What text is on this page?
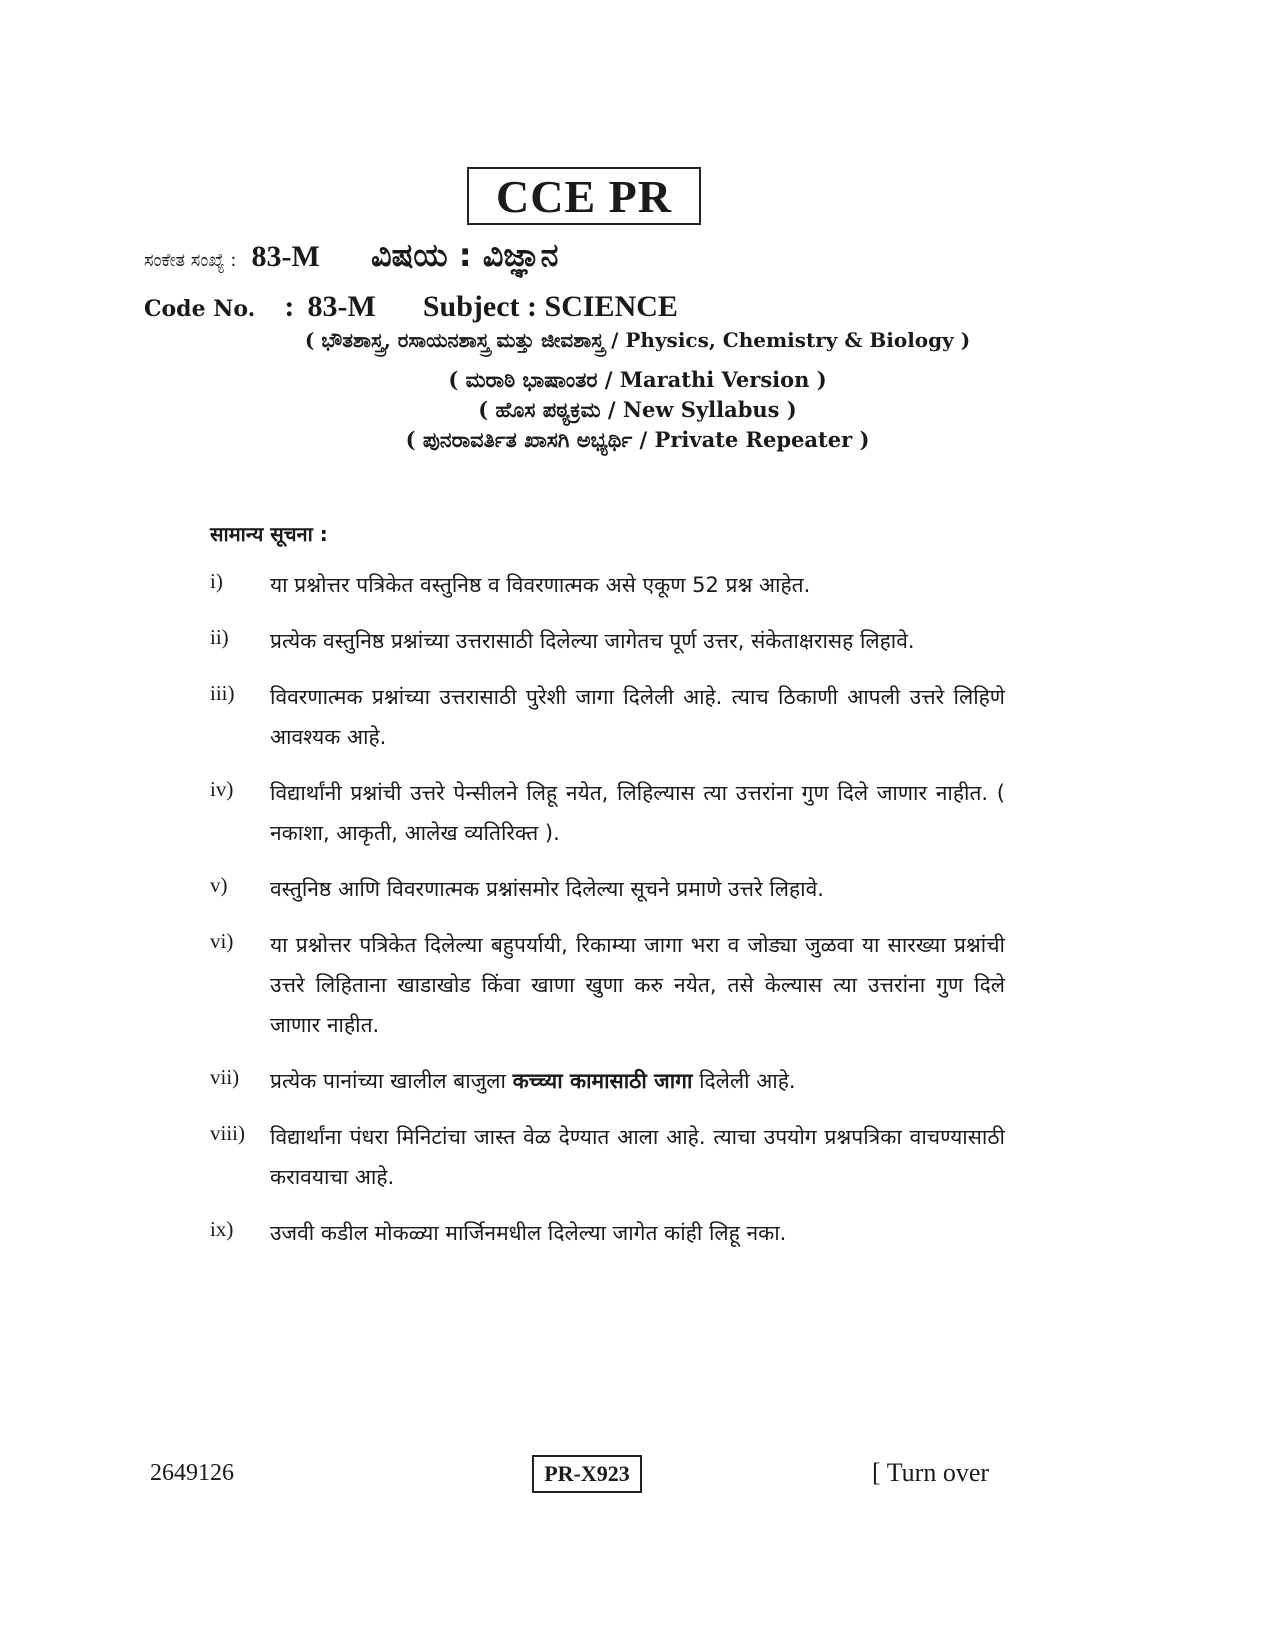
CCE PR
ಸಂಕೇತ ಸಂಖ್ಯೆ : 83-M ವಿಷಯ : ವಿಜ್ಞಾನ
Code No. : 83-M Subject : SCIENCE
( ಭೌತಶಾಸ್ತ್ರ, ರಸಾಯನಶಾಸ್ತ್ರ ಮತ್ತು ಜೀವಶಾಸ್ತ್ರ / Physics, Chemistry & Biology )
( ಮರಾಠಿ ಭಾಷಾಂತರ / Marathi Version )
( ಹೊಸ ಪಠ್ಯಕ್ರಮ / New Syllabus )
( ಪುನರಾವರ್ತಿತ ಖಾಸಗಿ ಅಭ್ಯರ್ಥಿ / Private Repeater )
सामान्य सूचना :
i)	या प्रश्नोत्तर पत्रिकेत वस्तुनिष्ठ व विवरणात्मक असे एकूण 52 प्रश्न आहेत.
ii)	प्रत्येक वस्तुनिष्ठ प्रश्नांच्या उत्तरासाठी दिलेल्या जागेतच पूर्ण उत्तर, संकेताक्षरासह लिहावे.
iii)	विवरणात्मक प्रश्नांच्या उत्तरासाठी पुरेशी जागा दिलेली आहे. त्याच ठिकाणी आपली उत्तरे लिहिणे आवश्यक आहे.
iv)	विद्यार्थांनी प्रश्नांची उत्तरे पेन्सीलने लिहू नयेत, लिहिल्यास त्या उत्तरांना गुण दिले जाणार नाहीत. ( नकाशा, आकृती, आलेख व्यतिरिक्त ).
v)	वस्तुनिष्ठ आणि विवरणात्मक प्रश्नांसमोर दिलेल्या सूचने प्रमाणे उत्तरे लिहावे.
vi)	या प्रश्नोत्तर पत्रिकेत दिलेल्या बहुपर्यायी, रिकाम्या जागा भरा व जोड्या जुळवा या सारख्या प्रश्नांची उत्तरे लिहिताना खाडाखोड किंवा खाणा खुणा करु नयेत, तसे केल्यास त्या उत्तरांना गुण दिले जाणार नाहीत.
vii)	प्रत्येक पानांच्या खालील बाजुला कच्च्या कामासाठी जागा दिलेली आहे.
viii)	विद्यार्थांना पंधरा मिनिटांचा जास्त वेळ देण्यात आला आहे. त्याचा उपयोग प्रश्नपत्रिका वाचण्यासाठी करावयाचा आहे.
ix)	उजवी कडील मोकळ्या मार्जिनमधील दिलेल्या जागेत कांही लिहू नका.
2649126	PR-X923	[ Turn over
